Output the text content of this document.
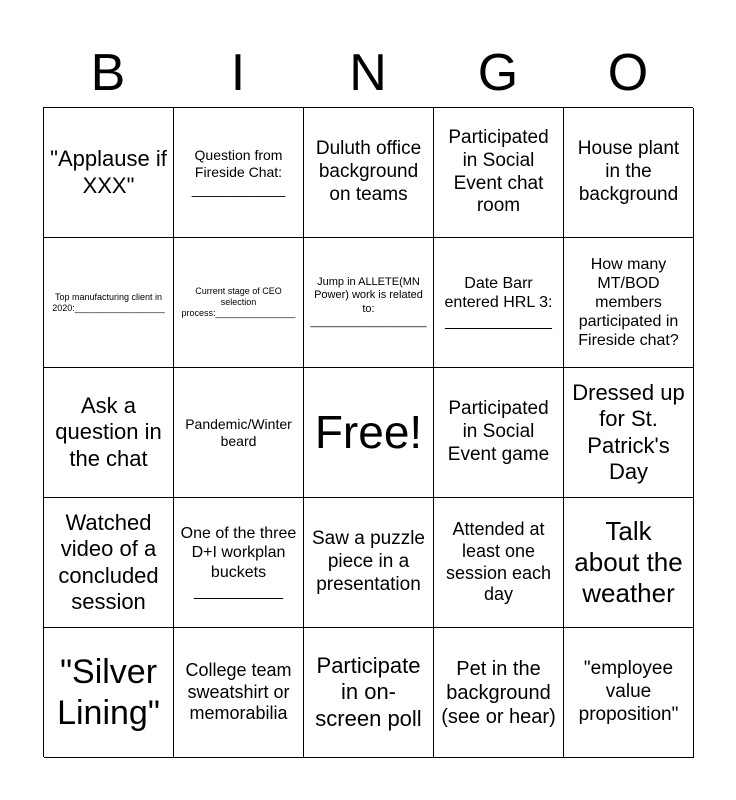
B	I	N	G	O
"Applause if XXX"
Question from Fireside Chat: ____________
Duluth office background on teams
Participated in Social Event chat room
House plant in the background
Top manufacturing client in 2020:__________________
Current stage of CEO selection process:________________
Jump in ALLETE(MN Power) work is related to: ___________________
Date Barr entered HRL 3: ____________
How many MT/BOD members participated in Fireside chat?
Ask a question in the chat
Pandemic/Winter beard	Free!	Participated in Social Event game
Dressed up for St. Patrick's Day
Watched video of a concluded session
One of the three D+I workplan buckets __________
Saw a puzzle piece in a presentation
Attended at least one session each day
Talk about the weather
"Silver Lining"
College team sweatshirt or memorabilia
Participate in on-screen poll
Pet in the background (see or hear)
"employee value proposition"
